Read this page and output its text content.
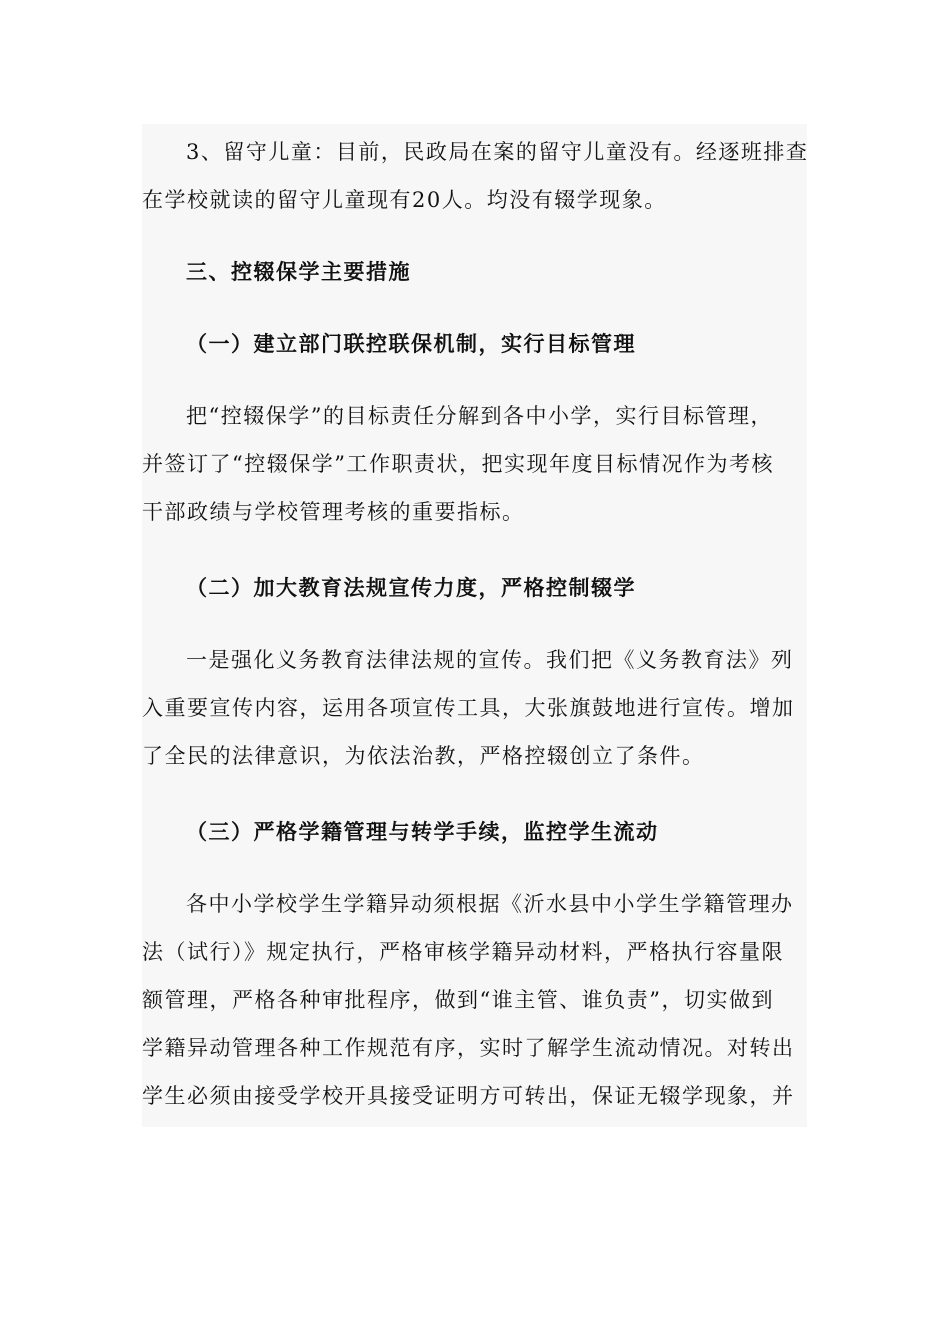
3、留守儿童：目前，民政局在案的留守儿童没有。经逐班排查
在学校就读的留守儿童现有20人。均没有辍学现象。
三、控辍保学主要措施
（一）建立部门联控联保机制，实行目标管理
把“控辍保学”的目标责任分解到各中小学，实行目标管理，
并签订了“控辍保学”工作职责状，把实现年度目标情况作为考核
干部政绩与学校管理考核的重要指标。
（二）加大教育法规宣传力度，严格控制辍学
一是强化义务教育法律法规的宣传。我们把《义务教育法》列
入重要宣传内容，运用各项宣传工具，大张旗鼓地进行宣传。增加
了全民的法律意识，为依法治教，严格控辍创立了条件。
（三）严格学籍管理与转学手续，监控学生流动
各中小学校学生学籍异动须根据《沂水县中小学生学籍管理办
法（试行）》规定执行，严格审核学籍异动材料，严格执行容量限
额管理，严格各种审批程序，做到“谁主管、谁负责”，切实做到
学籍异动管理各种工作规范有序，实时了解学生流动情况。对转出
学生必须由接受学校开具接受证明方可转出，保证无辍学现象，并
